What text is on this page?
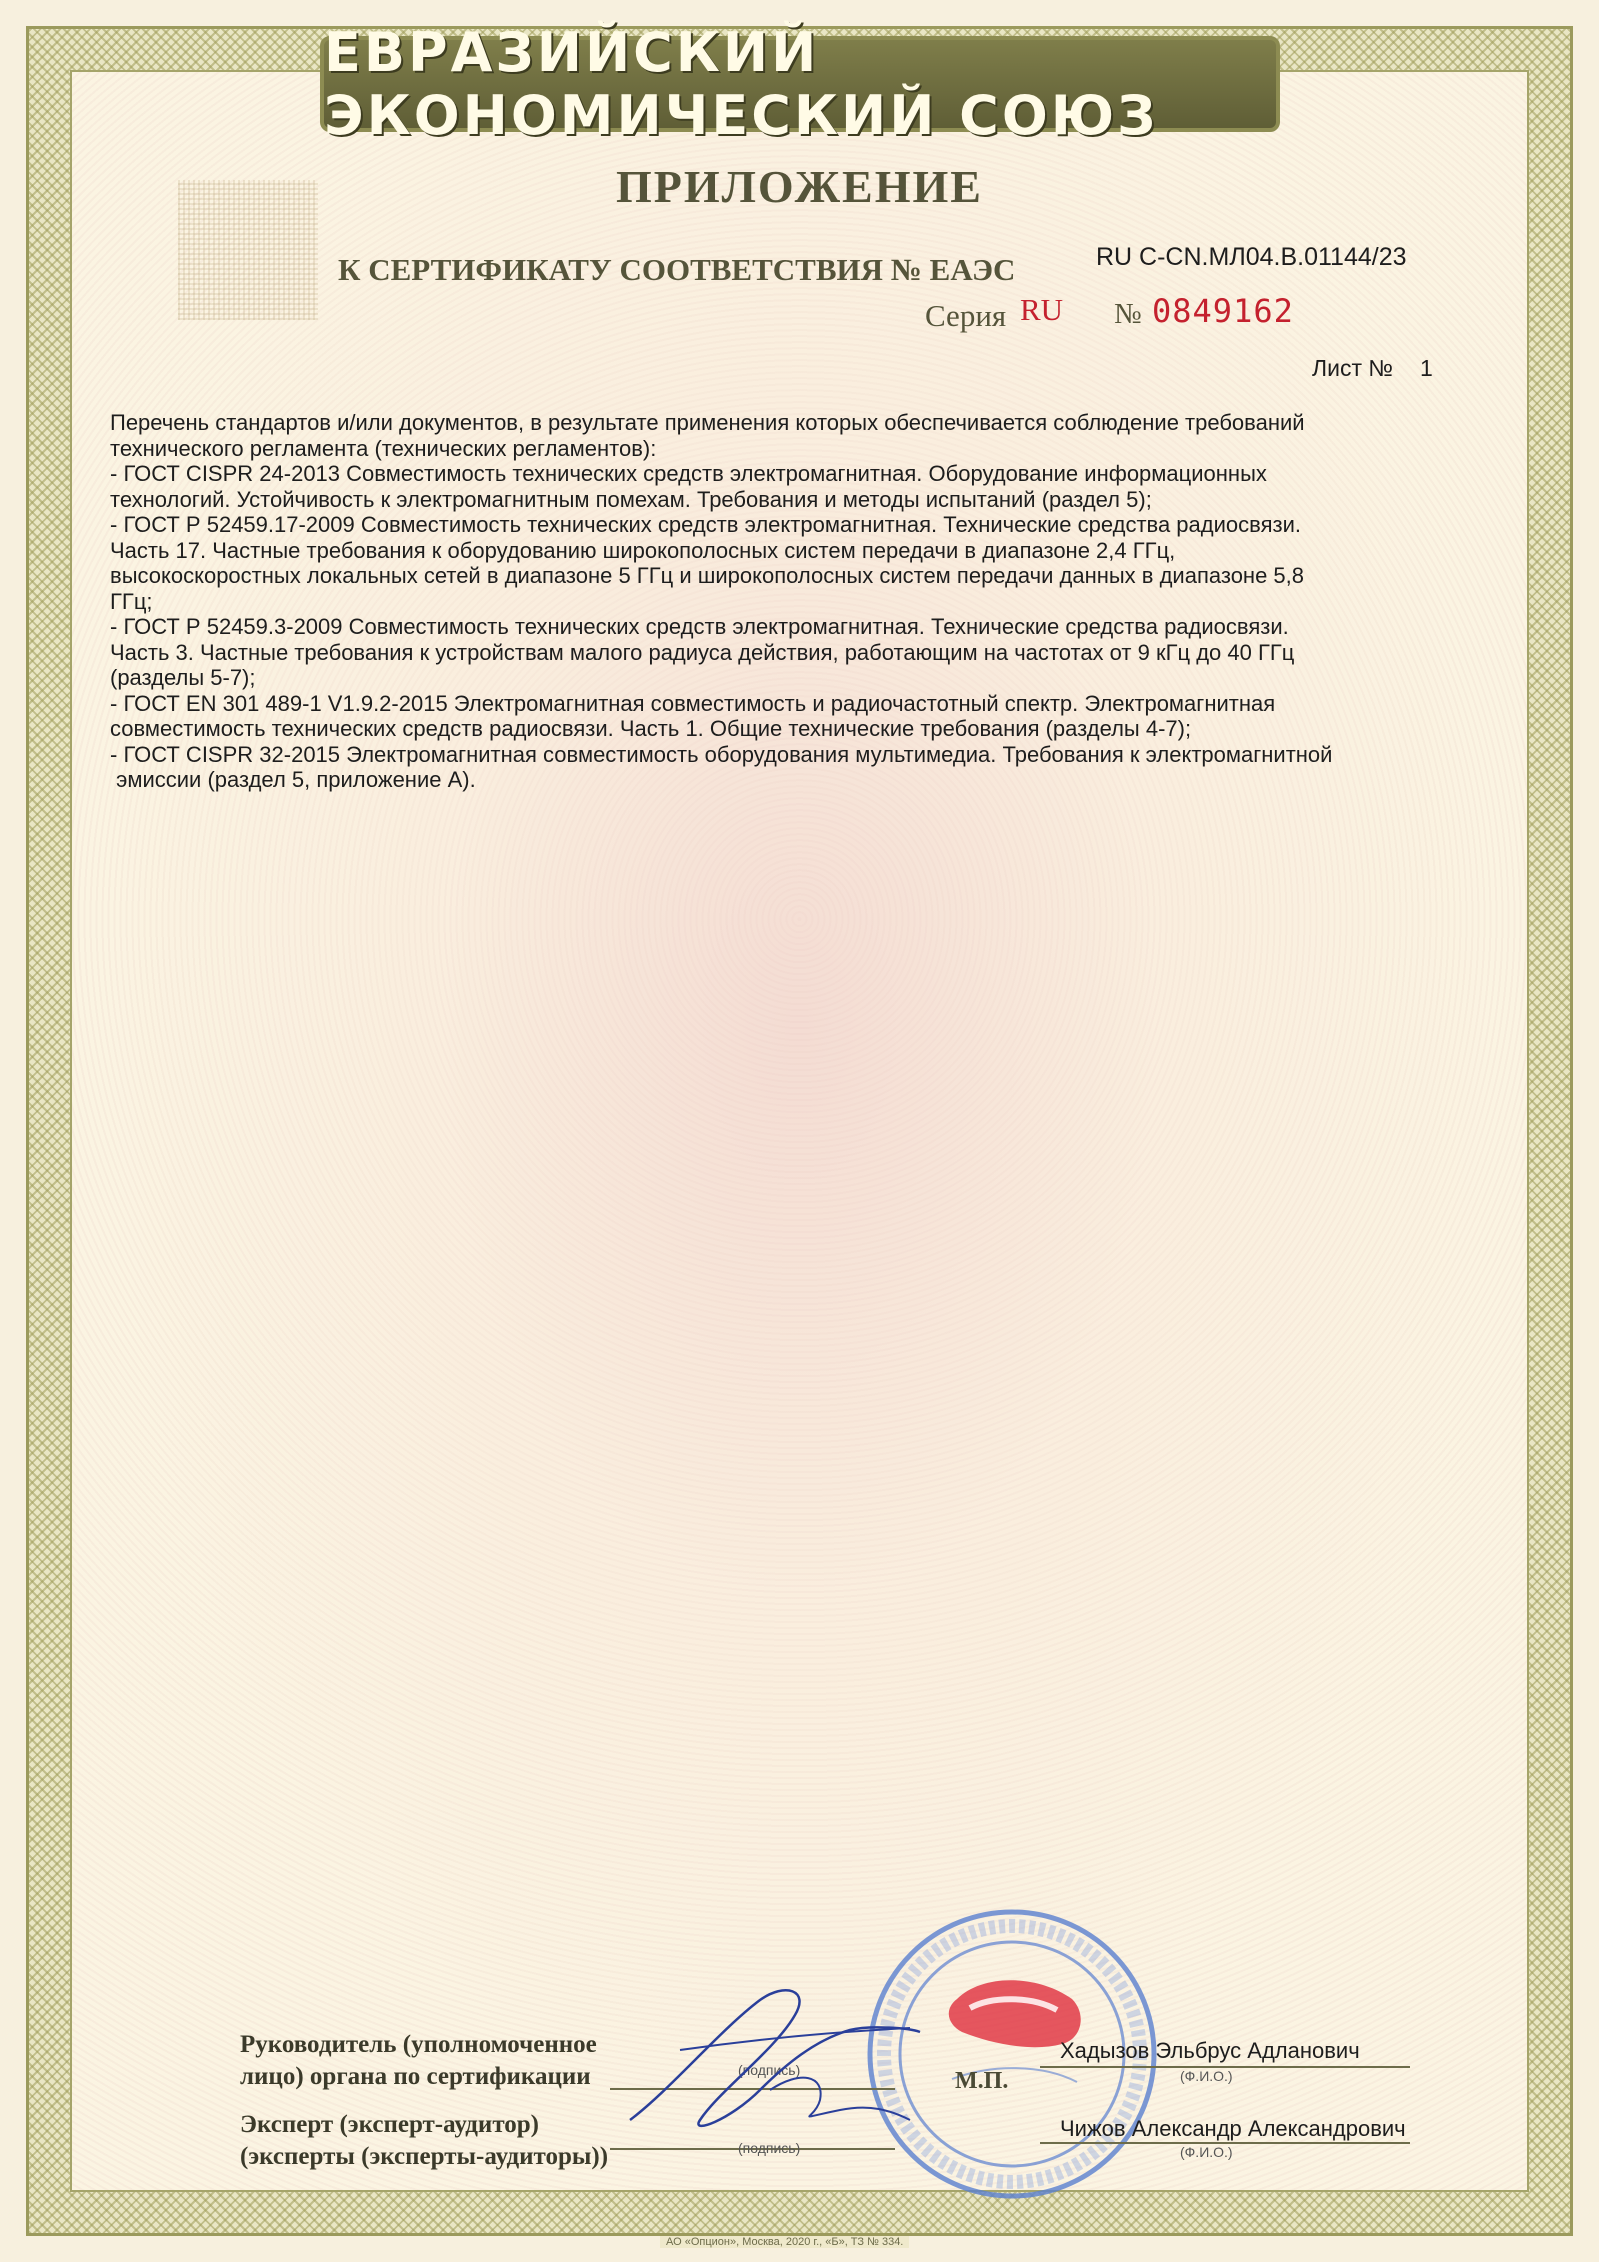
ЕВРАЗИЙСКИЙ ЭКОНОМИЧЕСКИЙ СОЮЗ
ПРИЛОЖЕНИЕ
К СЕРТИФИКАТУ СООТВЕТСТВИЯ № ЕАЭС	RU C-CN.МЛ04.В.01144/23
Серия RU № 0849162
Лист № 1

Перечень стандартов и/или документов, в результате применения которых обеспечивается соблюдение требований

технического регламента (технических регламентов):

- ГОСТ CISPR 24-2013 Совместимость технических средств электромагнитная. Оборудование информационных

технологий. Устойчивость к электромагнитным помехам. Требования и методы испытаний (раздел 5);

- ГОСТ Р 52459.17-2009 Совместимость технических средств электромагнитная. Технические средства радиосвязи.

Часть 17. Частные требования к оборудованию широкополосных систем передачи в диапазоне 2,4 ГГц,

высокоскоростных локальных сетей в диапазоне 5 ГГц и широкополосных систем передачи данных в диапазоне 5,8

ГГц;

- ГОСТ Р 52459.3-2009 Совместимость технических средств электромагнитная. Технические средства радиосвязи.

Часть 3. Частные требования к устройствам малого радиуса действия, работающим на частотах от 9 кГц до 40 ГГц

(разделы 5-7);

- ГОСТ EN 301 489-1 V1.9.2-2015 Электромагнитная совместимость и радиочастотный спектр. Электромагнитная

совместимость технических средств радиосвязи. Часть 1. Общие технические требования (разделы 4-7);

- ГОСТ CISPR 32-2015 Электромагнитная совместимость оборудования мультимедиа. Требования к электромагнитной

эмиссии (раздел 5, приложение А).

М.П.
Руководитель (уполномоченное
лицо) органа по сертификации	(подпись)
Хадызов Эльбрус Адланович
(Ф.И.О.)
Эксперт (эксперт-аудитор)
(эксперты (эксперты-аудиторы))	(подпись)
Чижов Александр Александрович
(Ф.И.О.)
АО «Опцион», Москва, 2020 г., «Б», ТЗ № 334.
